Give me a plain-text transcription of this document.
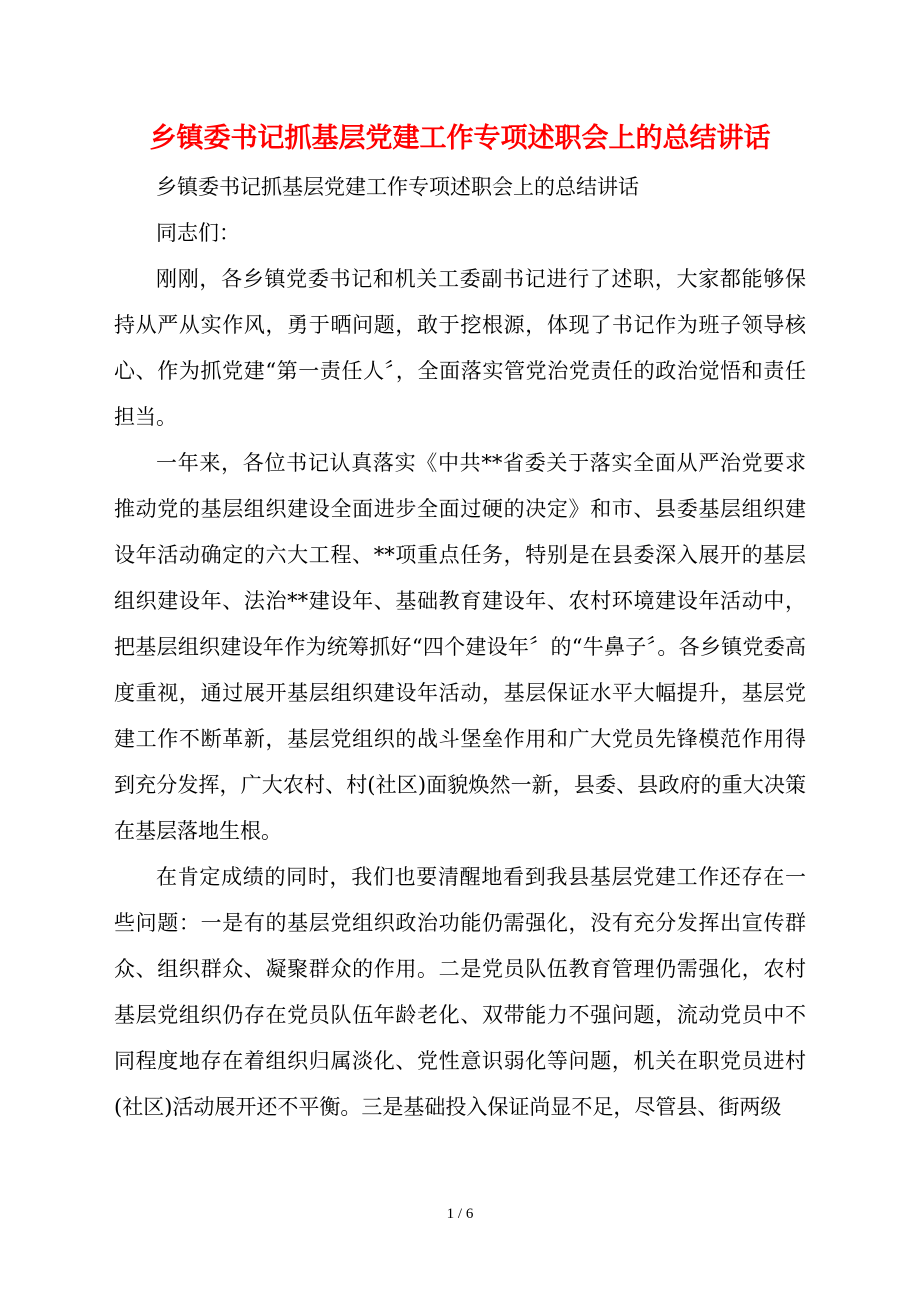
乡镇委书记抓基层党建工作专项述职会上的总结讲话

乡镇委书记抓基层党建工作专项述职会上的总结讲话

同志们：

刚刚，各乡镇党委书记和机关工委副书记进行了述职，大家都能够保持从严从实作风，勇于晒问题，敢于挖根源，体现了书记作为班子领导核心、作为抓党建“第一责任人〞，全面落实管党治党责任的政治觉悟和责任担当。

一年来，各位书记认真落实《中共**省委关于落实全面从严治党要求推动党的基层组织建设全面进步全面过硬的决定》和市、县委基层组织建设年活动确定的六大工程、**项重点任务，特别是在县委深入展开的基层组织建设年、法治**建设年、基础教育建设年、农村环境建设年活动中，把基层组织建设年作为统筹抓好“四个建设年〞的“牛鼻子〞。各乡镇党委高度重视，通过展开基层组织建设年活动，基层保证水平大幅提升，基层党建工作不断革新，基层党组织的战斗堡垒作用和广大党员先锋模范作用得到充分发挥，广大农村、村(社区)面貌焕然一新，县委、县政府的重大决策在基层落地生根。

在肯定成绩的同时，我们也要清醒地看到我县基层党建工作还存在一些问题：一是有的基层党组织政治功能仍需强化，没有充分发挥出宣传群众、组织群众、凝聚群众的作用。二是党员队伍教育管理仍需强化，农村基层党组织仍存在党员队伍年龄老化、双带能力不强问题，流动党员中不同程度地存在着组织归属淡化、党性意识弱化等问题，机关在职党员进村(社区)活动展开还不平衡。三是基础投入保证尚显不足，尽管县、街两级

1 / 6
